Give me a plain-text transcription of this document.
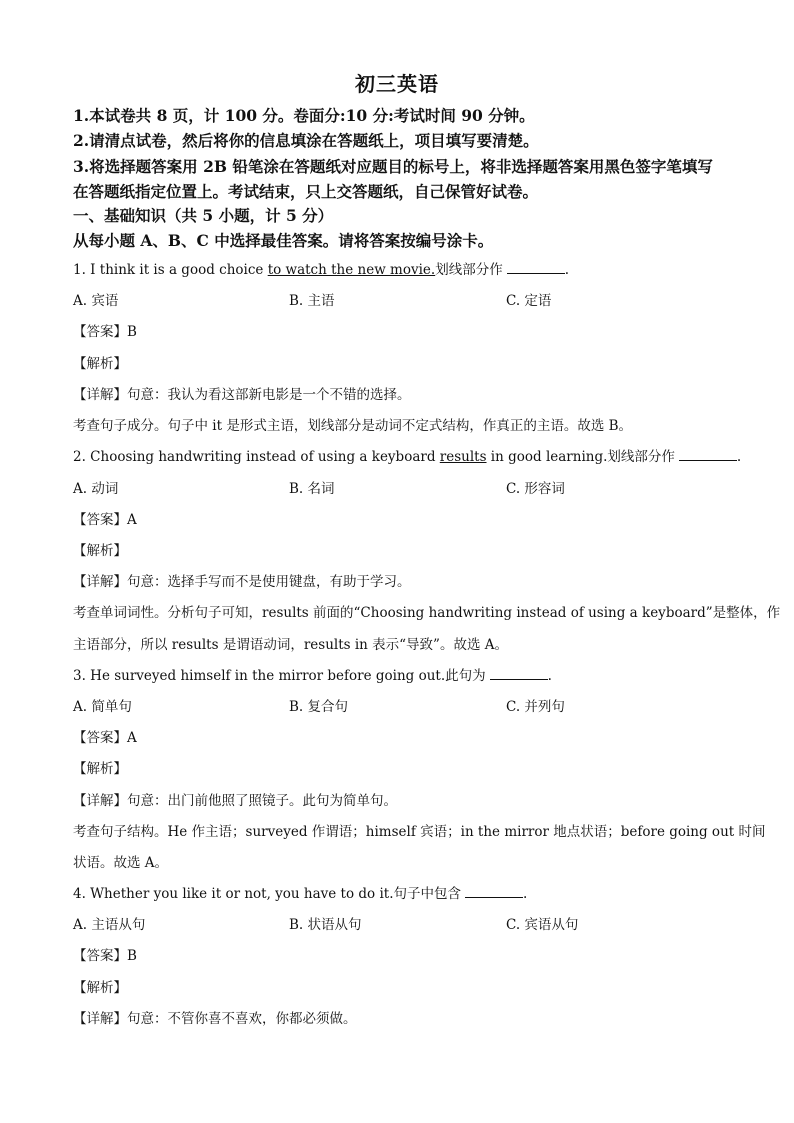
初三英语
1.本试卷共 8 页，计 100 分。卷面分:10 分:考试时间 90 分钟。
2.请清点试卷，然后将你的信息填涂在答题纸上，项目填写要清楚。
3.将选择题答案用 2B 铅笔涂在答题纸对应题目的标号上，将非选择题答案用黑色签字笔填写
在答题纸指定位置上。考试结束，只上交答题纸，自己保管好试卷。
一、基础知识（共 5 小题，计 5 分）
从每小题 A、B、C 中选择最佳答案。请将答案按编号涂卡。
1. I think it is a good choice to watch the new movie.划线部分作	.
A. 宾语	B. 主语	C. 定语
【答案】B
【解析】
【详解】句意：我认为看这部新电影是一个不错的选择。
考查句子成分。句子中 it 是形式主语，划线部分是动词不定式结构，作真正的主语。故选 B。
2. Choosing handwriting instead of using a keyboard results in good learning.划线部分作	.
A. 动词	B. 名词	C. 形容词
【答案】A
【解析】
【详解】句意：选择手写而不是使用键盘，有助于学习。
考查单词词性。分析句子可知，results 前面的“Choosing handwriting instead of using a keyboard”是整体，作
主语部分，所以 results 是谓语动词，results in 表示“导致”。故选 A。
3. He surveyed himself in the mirror before going out.此句为	.
A. 简单句	B. 复合句	C. 并列句
【答案】A
【解析】
【详解】句意：出门前他照了照镜子。此句为简单句。
考查句子结构。He 作主语；surveyed 作谓语；himself 宾语；in the mirror 地点状语；before going out 时间
状语。故选 A。
4. Whether you like it or not, you have to do it.句子中包含	.
A. 主语从句	B. 状语从句	C. 宾语从句
【答案】B
【解析】
【详解】句意：不管你喜不喜欢，你都必须做。
